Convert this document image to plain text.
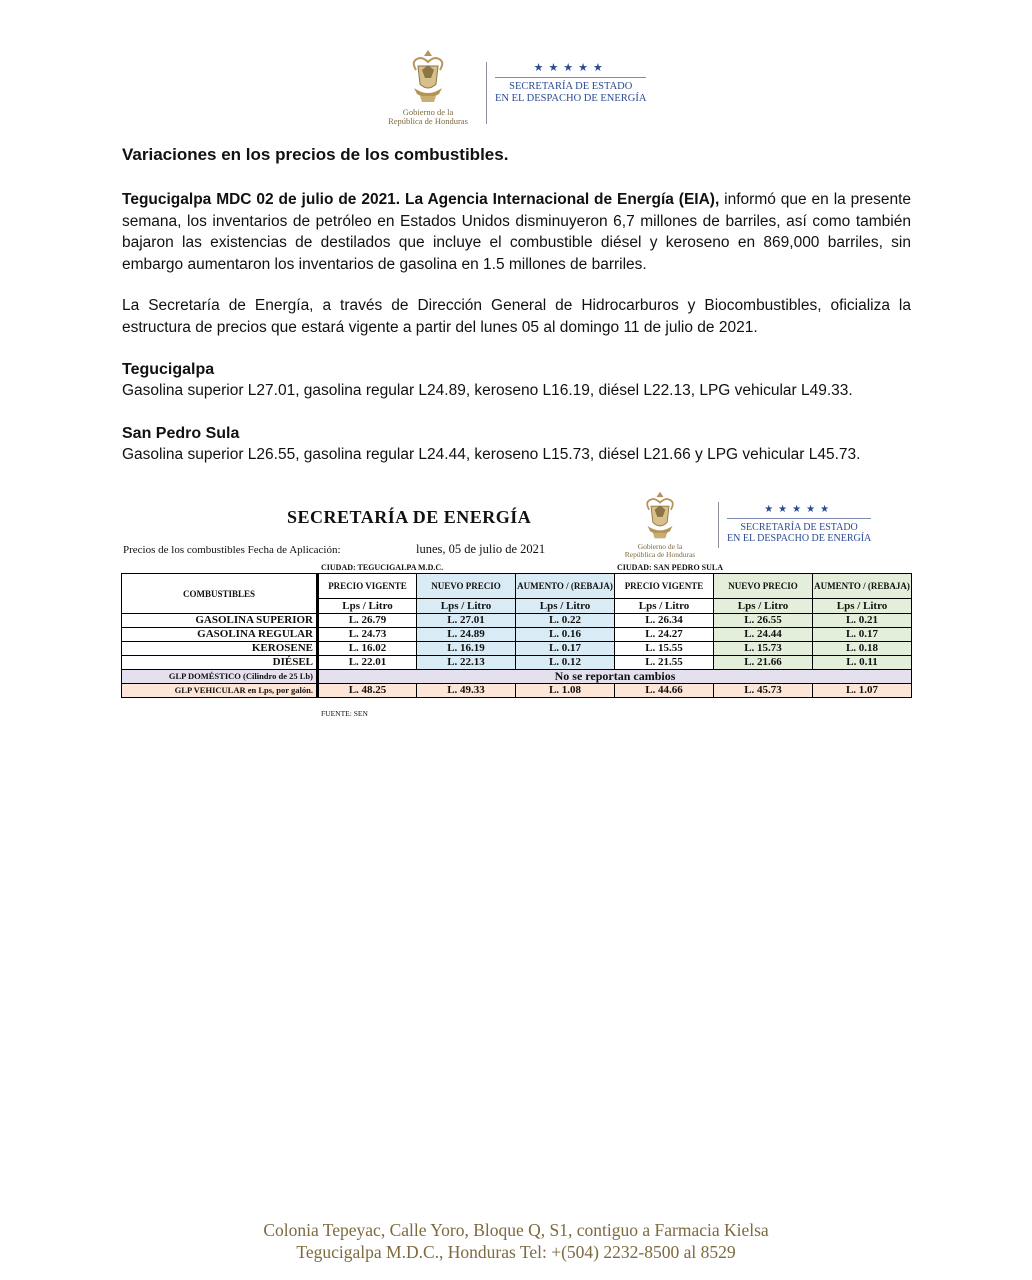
Gobierno de la
República de Honduras
★★★★★
SECRETARÍA DE ESTADO
EN EL DESPACHO DE ENERGÍA
Variaciones en los precios de los combustibles.
Tegucigalpa MDC 02 de julio de 2021. La Agencia Internacional de Energía (EIA), informó que en la presente semana, los inventarios de petróleo en Estados Unidos disminuyeron 6,7 millones de barriles, así como también bajaron las existencias de destilados que incluye el combustible diésel y keroseno en 869,000 barriles, sin embargo aumentaron los inventarios de gasolina en 1.5 millones de barriles.
La Secretaría de Energía, a través de Dirección General de Hidrocarburos y Biocombustibles, oficializa la estructura de precios que estará vigente a partir del lunes 05 al domingo 11 de julio de 2021.
Tegucigalpa
Gasolina superior L27.01, gasolina regular L24.89, keroseno L16.19, diésel L22.13, LPG vehicular L49.33.
San Pedro Sula
Gasolina superior L26.55, gasolina regular L24.44, keroseno L15.73, diésel L21.66 y LPG vehicular L45.73.
SECRETARÍA DE ENERGÍA
Gobierno de la
República de Honduras
★★★★★
SECRETARÍA DE ESTADO
EN EL DESPACHO DE ENERGÍA
Precios de los combustibles Fecha de Aplicación:	lunes, 05 de julio de 2021
CIUDAD: TEGUCIGALPA M.D.C.	CIUDAD: SAN PEDRO SULA
COMBUSTIBLES	PRECIO VIGENTE	NUEVO PRECIO	AUMENTO / (REBAJA)	PRECIO VIGENTE	NUEVO PRECIO	AUMENTO / (REBAJA)
	Lps / Litro	Lps / Litro	Lps / Litro	Lps / Litro	Lps / Litro	Lps / Litro
GASOLINA SUPERIOR	L. 26.79	L. 27.01	L. 0.22	L. 26.34	L. 26.55	L. 0.21
GASOLINA REGULAR	L. 24.73	L. 24.89	L. 0.16	L. 24.27	L. 24.44	L. 0.17
KEROSENE	L. 16.02	L. 16.19	L. 0.17	L. 15.55	L. 15.73	L. 0.18
DIÉSEL	L. 22.01	L. 22.13	L. 0.12	L. 21.55	L. 21.66	L. 0.11
GLP DOMÉSTICO (Cilindro de 25 Lb)	No se reportan cambios					
GLP VEHICULAR en Lps, por galón.	L. 48.25	L. 49.33	L. 1.08	L. 44.66	L. 45.73	L. 1.07
FUENTE: SEN
Colonia Tepeyac, Calle Yoro, Bloque Q, S1, contiguo a Farmacia Kielsa
Tegucigalpa M.D.C., Honduras Tel: +(504) 2232-8500 al 8529
